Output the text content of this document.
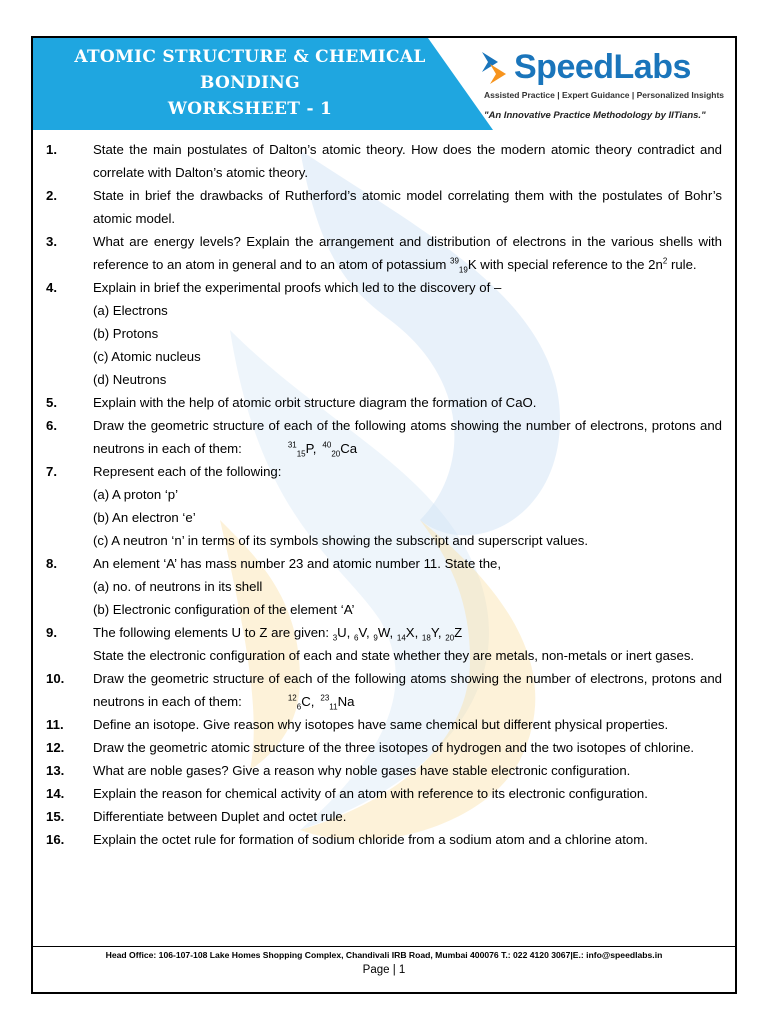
ATOMIC STRUCTURE & CHEMICAL BONDING
WORKSHEET - 1
SpeedLabs
Assisted Practice | Expert Guidance | Personalized Insights
"An Innovative Practice Methodology by IITians."
1.	State the main postulates of Dalton’s atomic theory. How does the modern atomic theory contradict and correlate with Dalton’s atomic theory.
2.	State in brief the drawbacks of Rutherford’s atomic model correlating them with the postulates of Bohr’s atomic model.
3.	What are energy levels? Explain the arrangement and distribution of electrons in the various shells with reference to an atom in general and to an atom of potassium $^{39}_{19}$K with special reference to the $2n^2$ rule.
4.	Explain in brief the experimental proofs which led to the discovery of –
(a) Electrons
(b) Protons
(c) Atomic nucleus
(d) Neutrons
5.	Explain with the help of atomic orbit structure diagram the formation of CaO.
6.	Draw the geometric structure of each of the following atoms showing the number of electrons, protons and neutrons in each of them:	$^{31}_{15}$P, $^{40}_{20}$Ca
7.	Represent each of the following:
(a) A proton ‘p’
(b) An electron ‘e’
(c) A neutron ‘n’ in terms of its symbols showing the subscript and superscript values.
8.	An element ‘A’ has mass number 23 and atomic number 11. State the,
(a) no. of neutrons in its shell
(b) Electronic configuration of the element ‘A’
9.	The following elements U to Z are given: $_3$U, $_6$V, $_9$W, $_{14}$X, $_{18}$Y, $_{20}$Z
State the electronic configuration of each and state whether they are metals, non-metals or inert gases.
10.	Draw the geometric structure of each of the following atoms showing the number of electrons, protons and neutrons in each of them:	$^{12}_6$C, $^{23}_{11}$Na
11.	Define an isotope. Give reason why isotopes have same chemical but different physical properties.
12.	Draw the geometric atomic structure of the three isotopes of hydrogen and the two isotopes of chlorine.
13.	What are noble gases? Give a reason why noble gases have stable electronic configuration.
14.	Explain the reason for chemical activity of an atom with reference to its electronic configuration.
15.	Differentiate between Duplet and octet rule.
16.	Explain the octet rule for formation of sodium chloride from a sodium atom and a chlorine atom.
Head Office: 106-107-108 Lake Homes Shopping Complex, Chandivali IRB Road, Mumbai 400076 T.: 022 4120 3067|E.: info@speedlabs.in
Page | 1
